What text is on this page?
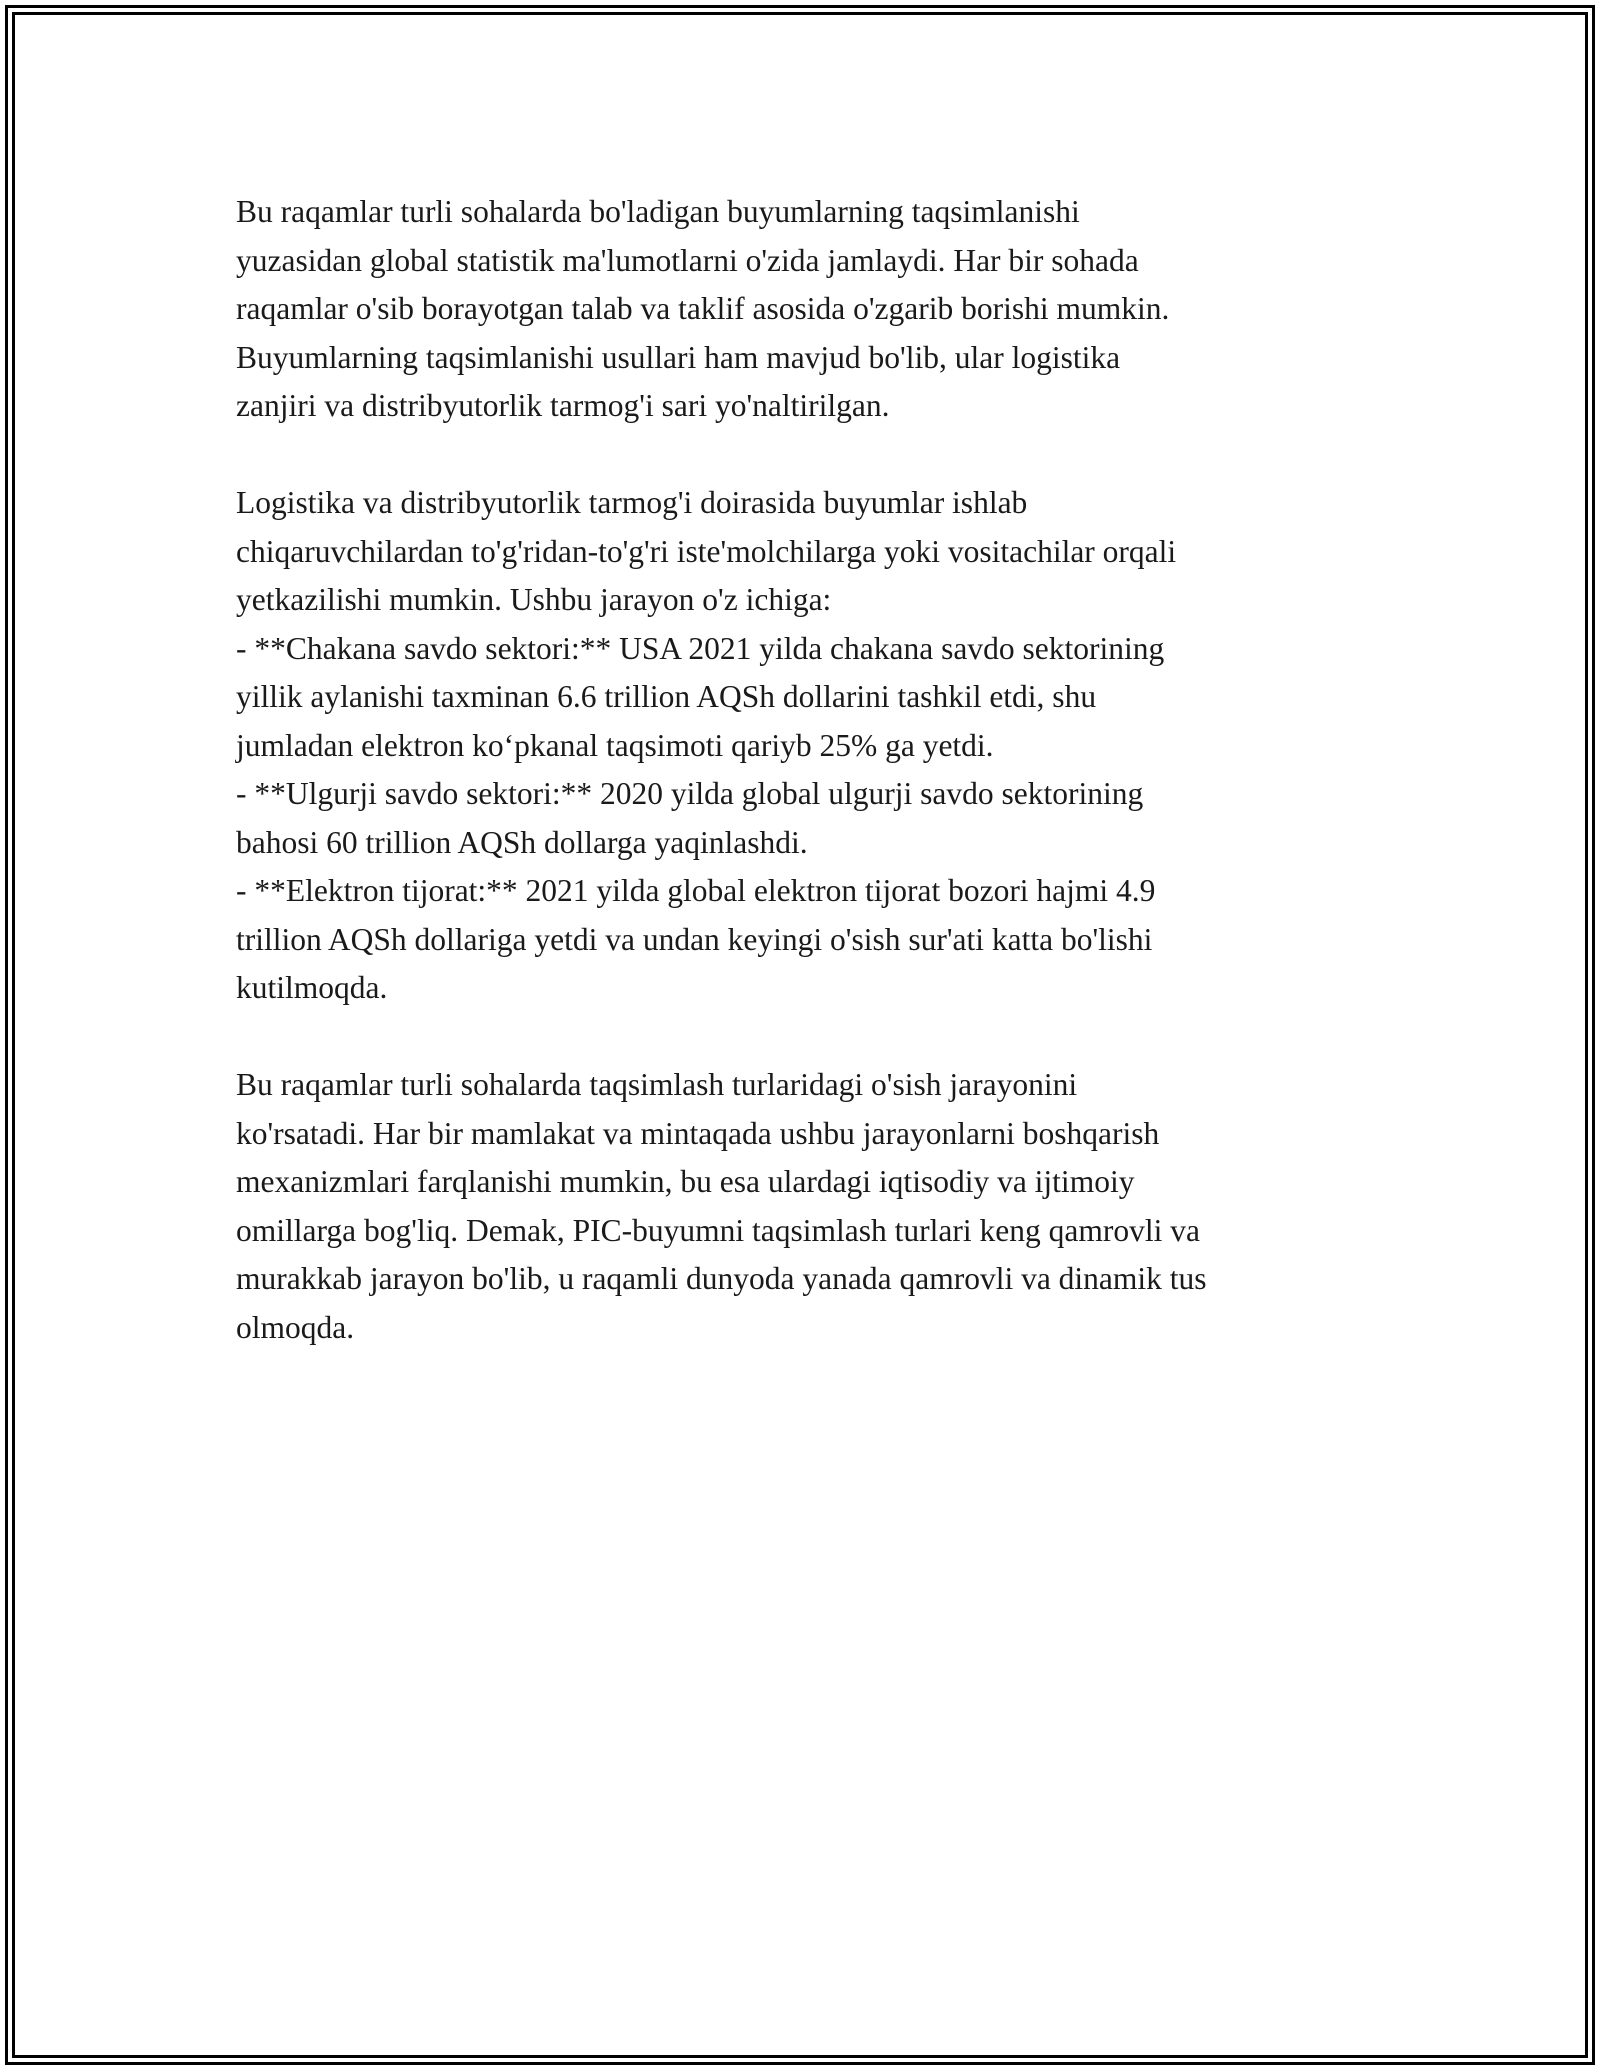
Bu raqamlar turli sohalarda bo'ladigan buyumlarning taqsimlanishi
yuzasidan global statistik ma'lumotlarni o'zida jamlaydi. Har bir sohada
raqamlar o'sib borayotgan talab va taklif asosida o'zgarib borishi mumkin.
Buyumlarning taqsimlanishi usullari ham mavjud bo'lib, ular logistika
zanjiri va distribyutorlik tarmog'i sari yo'naltirilgan.

Logistika va distribyutorlik tarmog'i doirasida buyumlar ishlab
chiqaruvchilardan to'g'ridan-to'g'ri iste'molchilarga yoki vositachilar orqali
yetkazilishi mumkin. Ushbu jarayon o'z ichiga:
- **Chakana savdo sektori:** USA 2021 yilda chakana savdo sektorining
yillik aylanishi taxminan 6.6 trillion AQSh dollarini tashkil etdi, shu
jumladan elektron ko‘pkanal taqsimoti qariyb 25% ga yetdi.
- **Ulgurji savdo sektori:** 2020 yilda global ulgurji savdo sektorining
bahosi 60 trillion AQSh dollarga yaqinlashdi.
- **Elektron tijorat:** 2021 yilda global elektron tijorat bozori hajmi 4.9
trillion AQSh dollariga yetdi va undan keyingi o'sish sur'ati katta bo'lishi
kutilmoqda.

Bu raqamlar turli sohalarda taqsimlash turlaridagi o'sish jarayonini
ko'rsatadi. Har bir mamlakat va mintaqada ushbu jarayonlarni boshqarish
mexanizmlari farqlanishi mumkin, bu esa ulardagi iqtisodiy va ijtimoiy
omillarga bog'liq. Demak, PIC-buyumni taqsimlash turlari keng qamrovli va
murakkab jarayon bo'lib, u raqamli dunyoda yanada qamrovli va dinamik tus
olmoqda.
